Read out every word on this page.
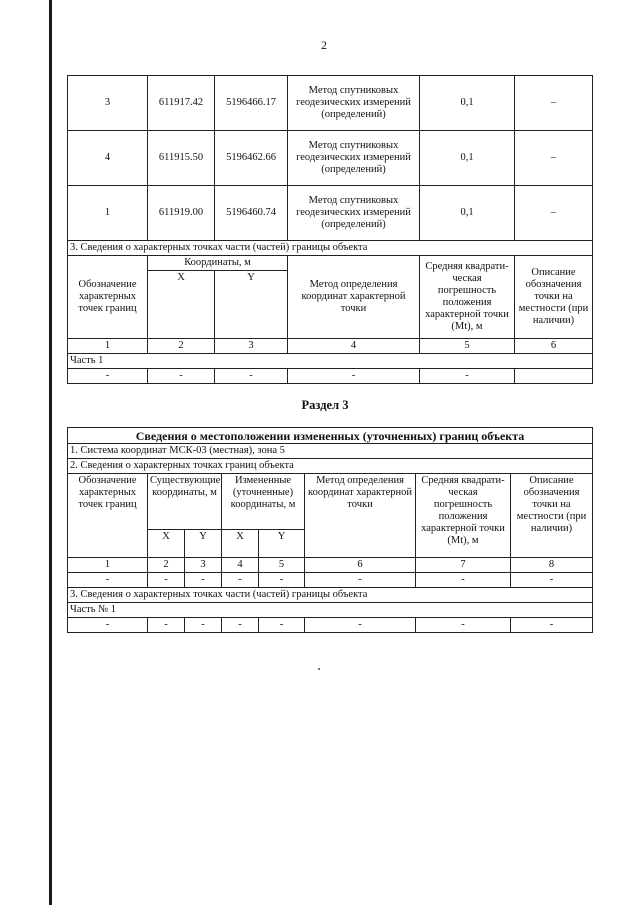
2
3	611917.42	5196466.17	Метод спутниковых геодезических измерений (определений)	0,1	–
4	611915.50	5196462.66	Метод спутниковых геодезических измерений (определений)	0,1	–
1	611919.00	5196460.74	Метод спутниковых геодезических измерений (определений)	0,1	–
3. Сведения о характерных точках части (частей) границы объекта					
Обозначение характерных точек границ	Координаты, м		Метод определения координат характерной точки	Средняя квадрати-ческая погрешность положения характерной точки (Mt), м	Описание обозначения точки на местности (при наличии)
	X	Y			
1	2	3	4	5	6
Часть 1					
-	-	-	-	-	
Раздел 3
Сведения о местоположении измененных (уточненных) границ объекта							
1. Система координат МСК-03 (местная), зона 5							
2. Сведения о характерных точках границ объекта							
Обозначение характерных точек границ	Существующие координаты, м		Измененные (уточненные) координаты, м		Метод определения координат характерной точки	Средняя квадрати-ческая погрешность положения характерной точки (Mt), м	Описание обозначения точки на местности (при наличии)
	X	Y	X	Y			
1	2	3	4	5	6	7	8
-	-	-	-	-	-	-	-
3. Сведения о характерных точках части (частей) границы объекта							
Часть № 1							
-	-	-	-	-	-	-	-
